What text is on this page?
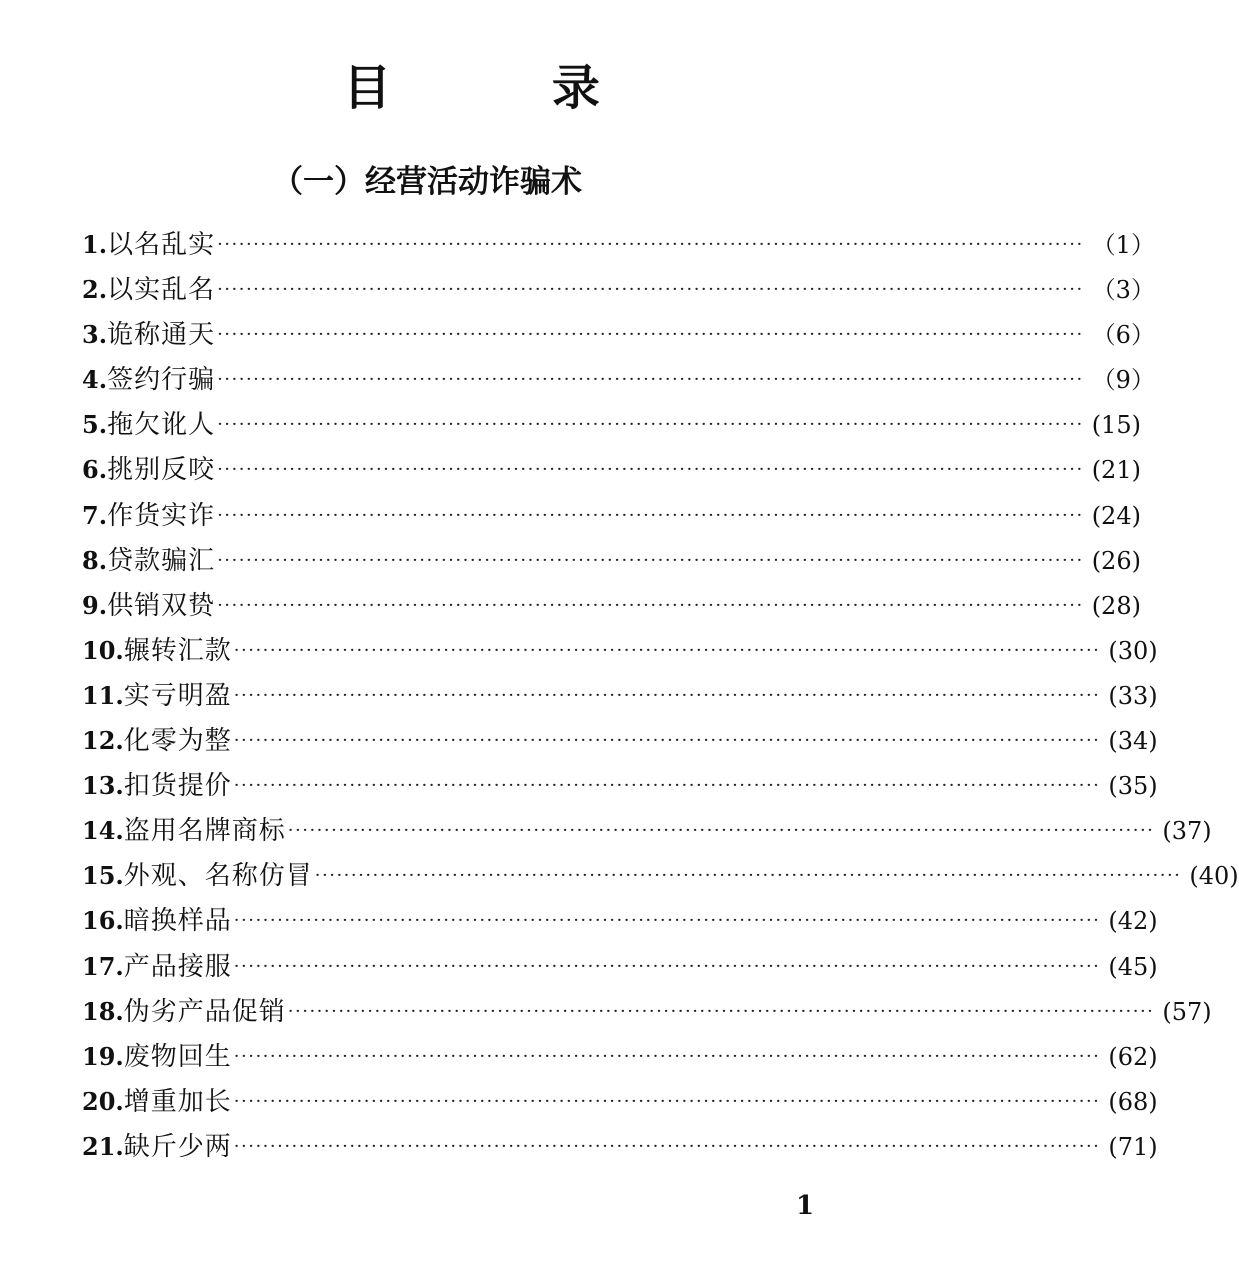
目 录
（一）经营活动诈骗术
1. 以名乱实 ························································································································ （1）
2. 以实乱名 ························································································································ （3）
3. 诡称通天 ························································································································ （6）
4. 签约行骗 ························································································································ （9）
5. 拖欠讹人 ························································································································ (15)
6. 挑别反咬 ························································································································ (21)
7. 作货实诈 ························································································································ (24)
8. 贷款骗汇 ························································································································ (26)
9. 供销双贽 ························································································································ (28)
10. 辗转汇款 ························································································································ (30)
11. 实亏明盈 ························································································································ (33)
12. 化零为整 ························································································································ (34)
13. 扣货提价 ························································································································ (35)
14. 盗用名牌商标 ························································································································ (37)
15. 外观、名称仿冒 ························································································································ (40)
16. 暗换样品 ························································································································ (42)
17. 产品接服 ························································································································ (45)
18. 伪劣产品促销 ························································································································ (57)
19. 废物回生 ························································································································ (62)
20. 增重加长 ························································································································ (68)
21. 缺斤少两 ························································································································ (71)
1
